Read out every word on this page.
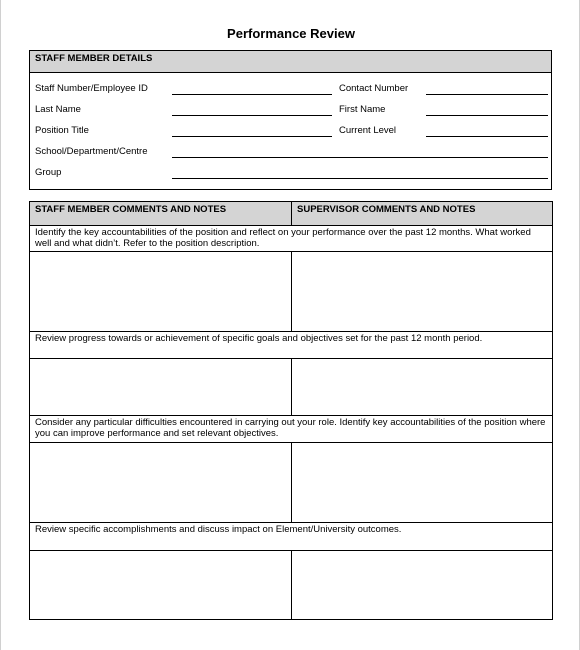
Performance Review
STAFF MEMBER DETAILS
Staff Number/Employee ID	Contact Number
Last Name	First Name
Position Title	Current Level
School/Department/Centre
Group
STAFF MEMBER COMMENTS AND NOTES	SUPERVISOR COMMENTS AND NOTES
Identify the key accountabilities of the position and reflect on your performance over the past 12 months. What worked well and what didn’t. Refer to the position description.
Review progress towards or achievement of specific goals and objectives set for the past 12 month period.
Consider any particular difficulties encountered in carrying out your role. Identify key accountabilities of the position where you can improve performance and set relevant objectives.
Review specific accomplishments and discuss impact on Element/University outcomes.
